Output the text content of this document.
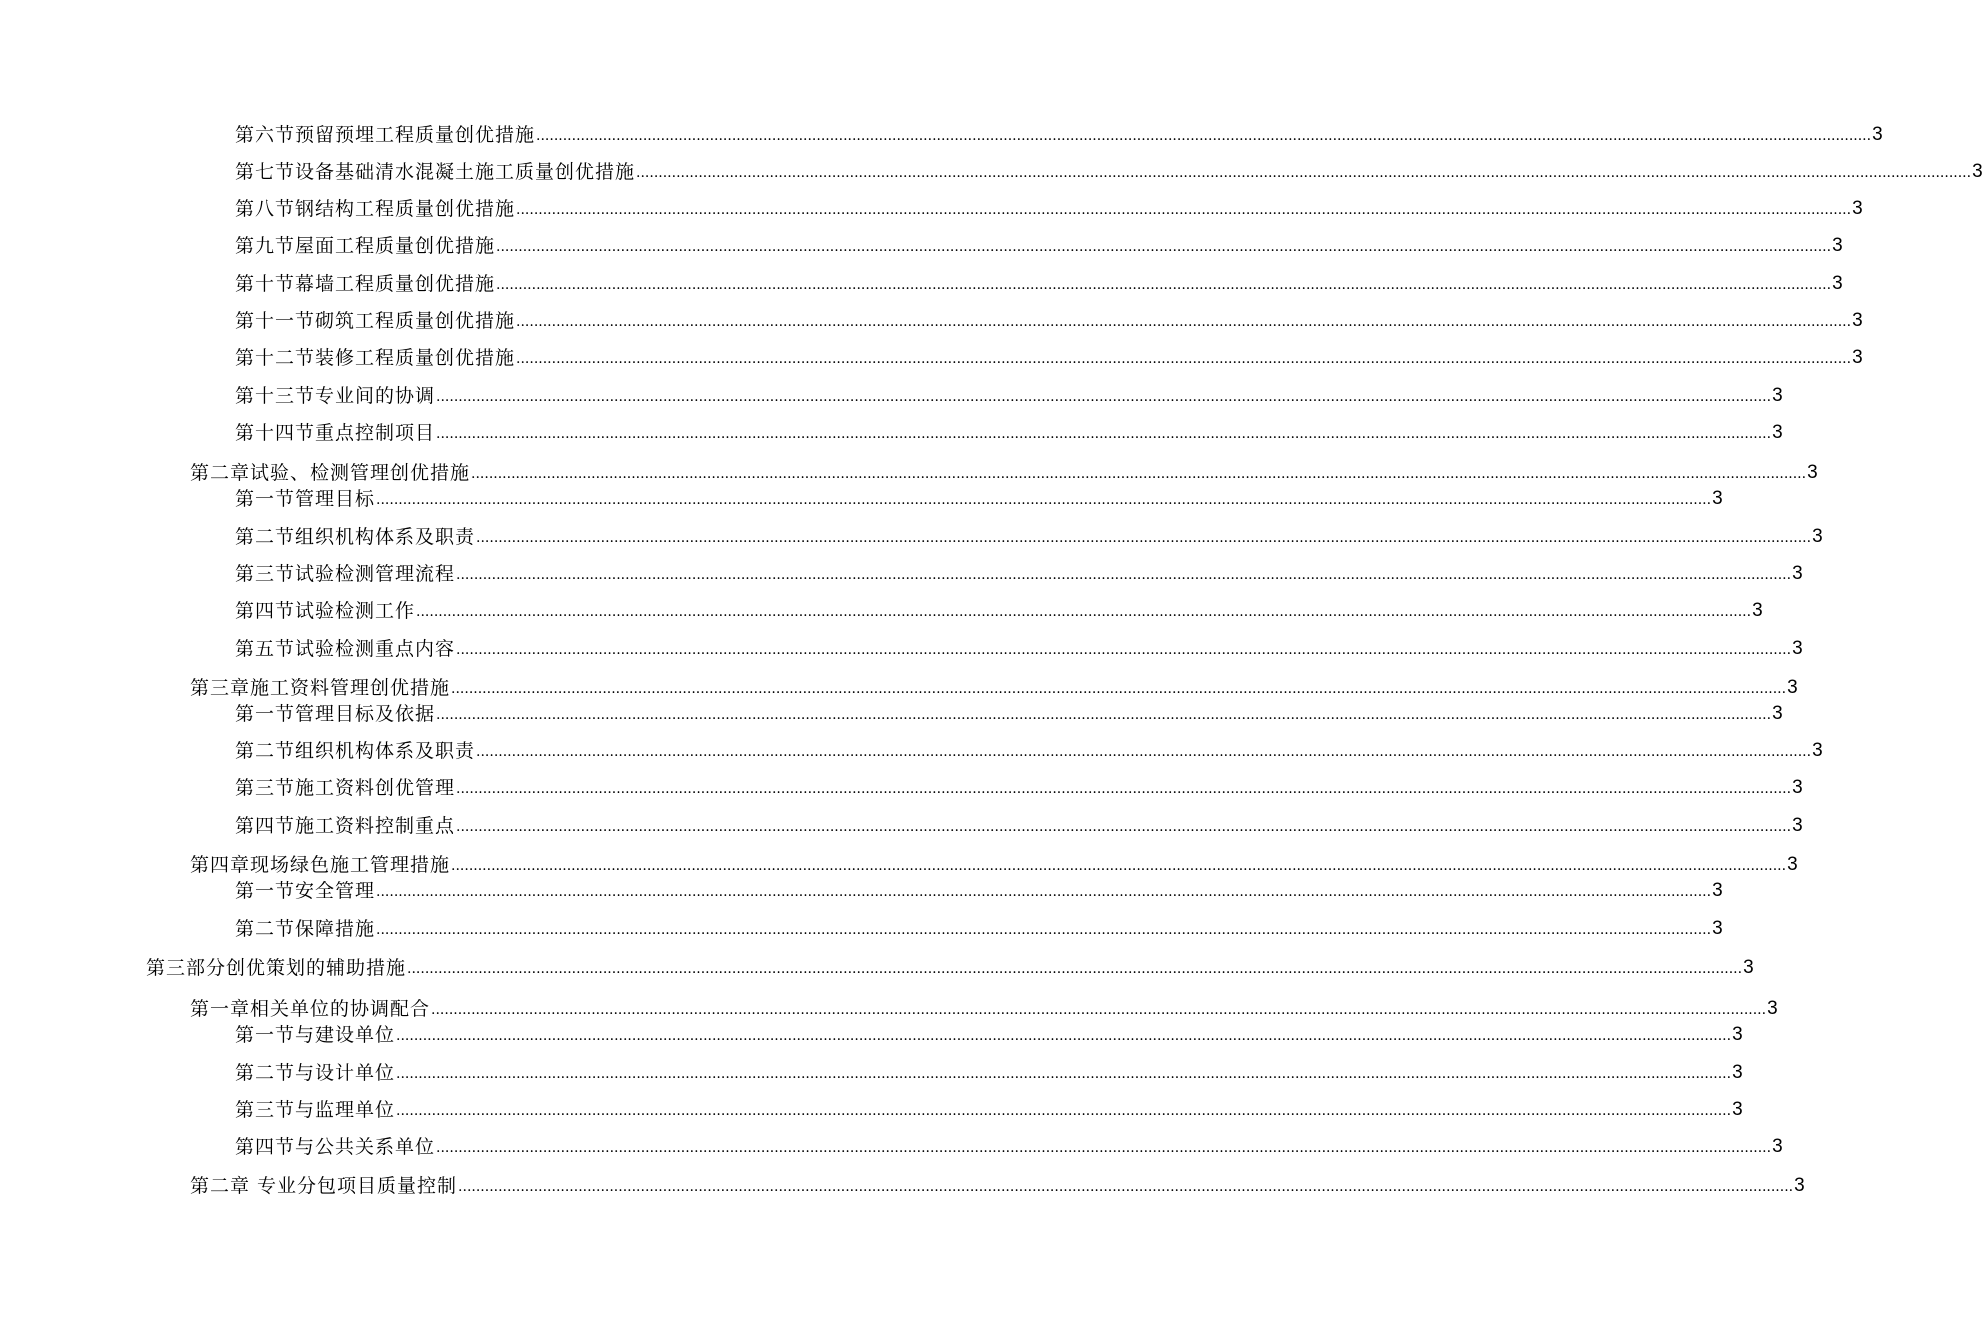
第六节预留预埋工程质量创优措施 ............................................................................................................................................................................................................................................................................................................ 3
第七节设备基础清水混凝土施工质量创优措施 ............................................................................................................................................................................................................................................................................................................ 3
第八节钢结构工程质量创优措施 ............................................................................................................................................................................................................................................................................................................ 3
第九节屋面工程质量创优措施 ............................................................................................................................................................................................................................................................................................................ 3
第十节幕墙工程质量创优措施 ............................................................................................................................................................................................................................................................................................................ 3
第十一节砌筑工程质量创优措施 ............................................................................................................................................................................................................................................................................................................ 3
第十二节装修工程质量创优措施 ............................................................................................................................................................................................................................................................................................................ 3
第十三节专业间的协调 ............................................................................................................................................................................................................................................................................................................ 3
第十四节重点控制项目 ............................................................................................................................................................................................................................................................................................................ 3
第二章试验、检测管理创优措施 ............................................................................................................................................................................................................................................................................................................ 3
第一节管理目标 ............................................................................................................................................................................................................................................................................................................ 3
第二节组织机构体系及职责 ............................................................................................................................................................................................................................................................................................................ 3
第三节试验检测管理流程 ............................................................................................................................................................................................................................................................................................................ 3
第四节试验检测工作 ............................................................................................................................................................................................................................................................................................................ 3
第五节试验检测重点内容 ............................................................................................................................................................................................................................................................................................................ 3
第三章施工资料管理创优措施 ............................................................................................................................................................................................................................................................................................................ 3
第一节管理目标及依据 ............................................................................................................................................................................................................................................................................................................ 3
第二节组织机构体系及职责 ............................................................................................................................................................................................................................................................................................................ 3
第三节施工资料创优管理 ............................................................................................................................................................................................................................................................................................................ 3
第四节施工资料控制重点 ............................................................................................................................................................................................................................................................................................................ 3
第四章现场绿色施工管理措施 ............................................................................................................................................................................................................................................................................................................ 3
第一节安全管理 ............................................................................................................................................................................................................................................................................................................ 3
第二节保障措施 ............................................................................................................................................................................................................................................................................................................ 3
第三部分创优策划的辅助措施 ............................................................................................................................................................................................................................................................................................................ 3
第一章相关单位的协调配合 ............................................................................................................................................................................................................................................................................................................ 3
第一节与建设单位 ............................................................................................................................................................................................................................................................................................................ 3
第二节与设计单位 ............................................................................................................................................................................................................................................................................................................ 3
第三节与监理单位 ............................................................................................................................................................................................................................................................................................................ 3
第四节与公共关系单位 ............................................................................................................................................................................................................................................................................................................ 3
第二章 专业分包项目质量控制 ............................................................................................................................................................................................................................................................................................................ 3
